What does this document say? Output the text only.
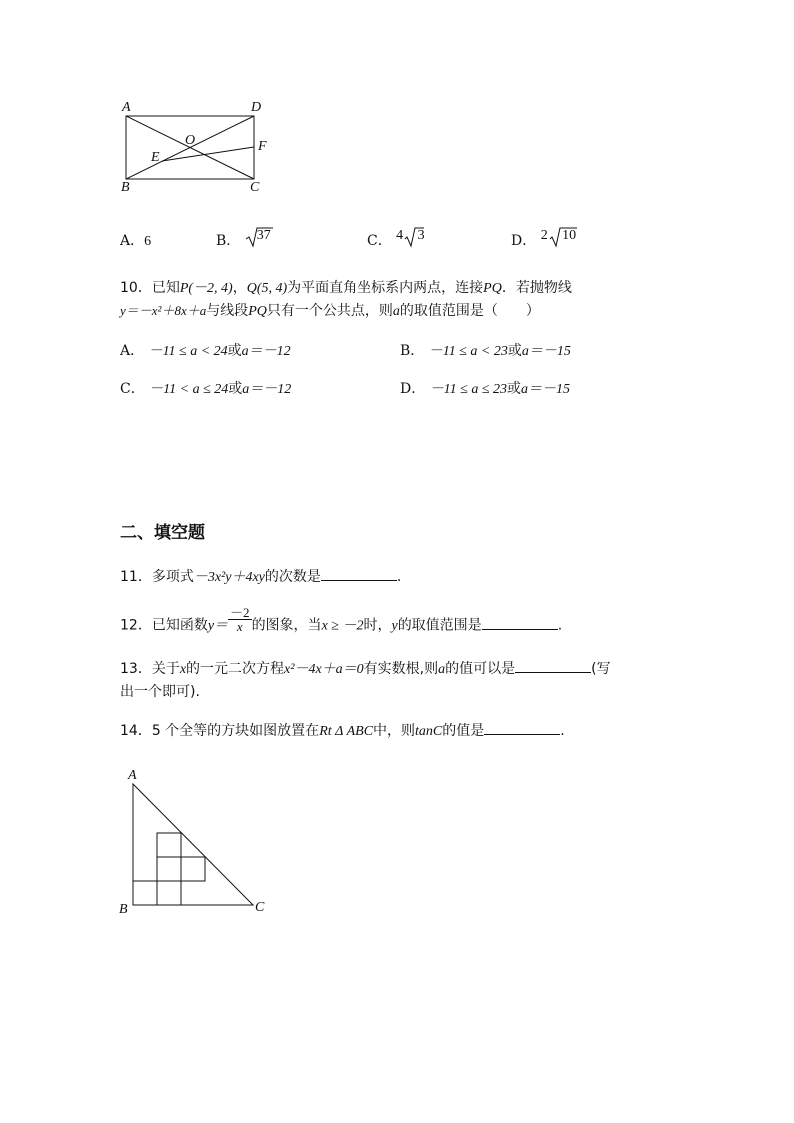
A	D
O
E
F
B	C
A．6	B． 37	C． 4 3	D． 2 10
10．已知P(－2, 4)，Q(5, 4)为平面直角坐标系内两点，连接PQ．若抛物线
y＝－x²＋8x＋a与线段PQ只有一个公共点，则a的取值范围是（　　）
A． －11 ≤ a < 24或a＝－12	B． －11 ≤ a < 23或a＝－15
C． －11 < a ≤ 24或a＝－12	D． －11 ≤ a ≤ 23或a＝－15
二、填空题
11．多项式－3x²y＋4xy的次数是	.
12．已知函数$y= \frac{-2}{x}$ 的图象，当x ≥ －2时，y的取值范围是	.
13．关于x的一元二次方程x²－4x＋a＝0有实数根,则a的值可以是	(写
出一个即可).
14．5 个全等的方块如图放置在Rt Δ ABC中，则tanC的值是	.
A
B	C
